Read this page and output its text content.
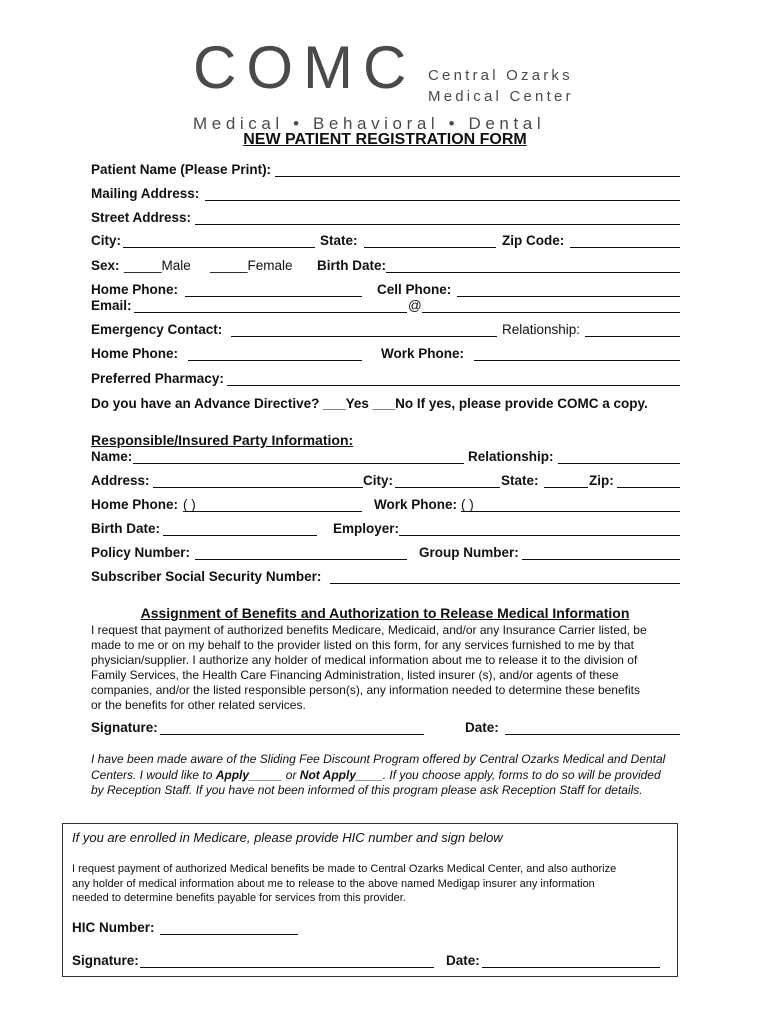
COMC Central Ozarks
Medical Center
Medical • Behavioral • Dental
NEW PATIENT REGISTRATION FORM
Patient Name (Please Print):
Mailing Address:
Street Address:
City:	State:	Zip Code:
Sex: _____Male _____Female Birth Date:
Home Phone:	Cell Phone:
Email:	@
Emergency Contact:	Relationship:
Home Phone:	Work Phone:
Preferred Pharmacy:
Do you have an Advance Directive? ___Yes ___No If yes, please provide COMC a copy.
Responsible/Insured Party Information:
Name:	Relationship:
Address:	City:	State:	Zip:
Home Phone: ( )	Work Phone: ( )
Birth Date:	Employer:
Policy Number:	Group Number:
Subscriber Social Security Number:
Assignment of Benefits and Authorization to Release Medical Information
I request that payment of authorized benefits Medicare, Medicaid, and/or any Insurance Carrier listed, be
made to me or on my behalf to the provider listed on this form, for any services furnished to me by that
physician/supplier. I authorize any holder of medical information about me to release it to the division of
Family Services, the Health Care Financing Administration, listed insurer (s), and/or agents of these
companies, and/or the listed responsible person(s), any information needed to determine these benefits
or the benefits for other related services.
Signature:	Date:
I have been made aware of the Sliding Fee Discount Program offered by Central Ozarks Medical and Dental
Centers. I would like to Apply_____ or Not Apply____. If you choose apply, forms to do so will be provided
by Reception Staff. If you have not been informed of this program please ask Reception Staff for details.
If you are enrolled in Medicare, please provide HIC number and sign below
I request payment of authorized Medical benefits be made to Central Ozarks Medical Center, and also authorize
any holder of medical information about me to release to the above named Medigap insurer any information
needed to determine benefits payable for services from this provider.
HIC Number:
Signature:	Date:
